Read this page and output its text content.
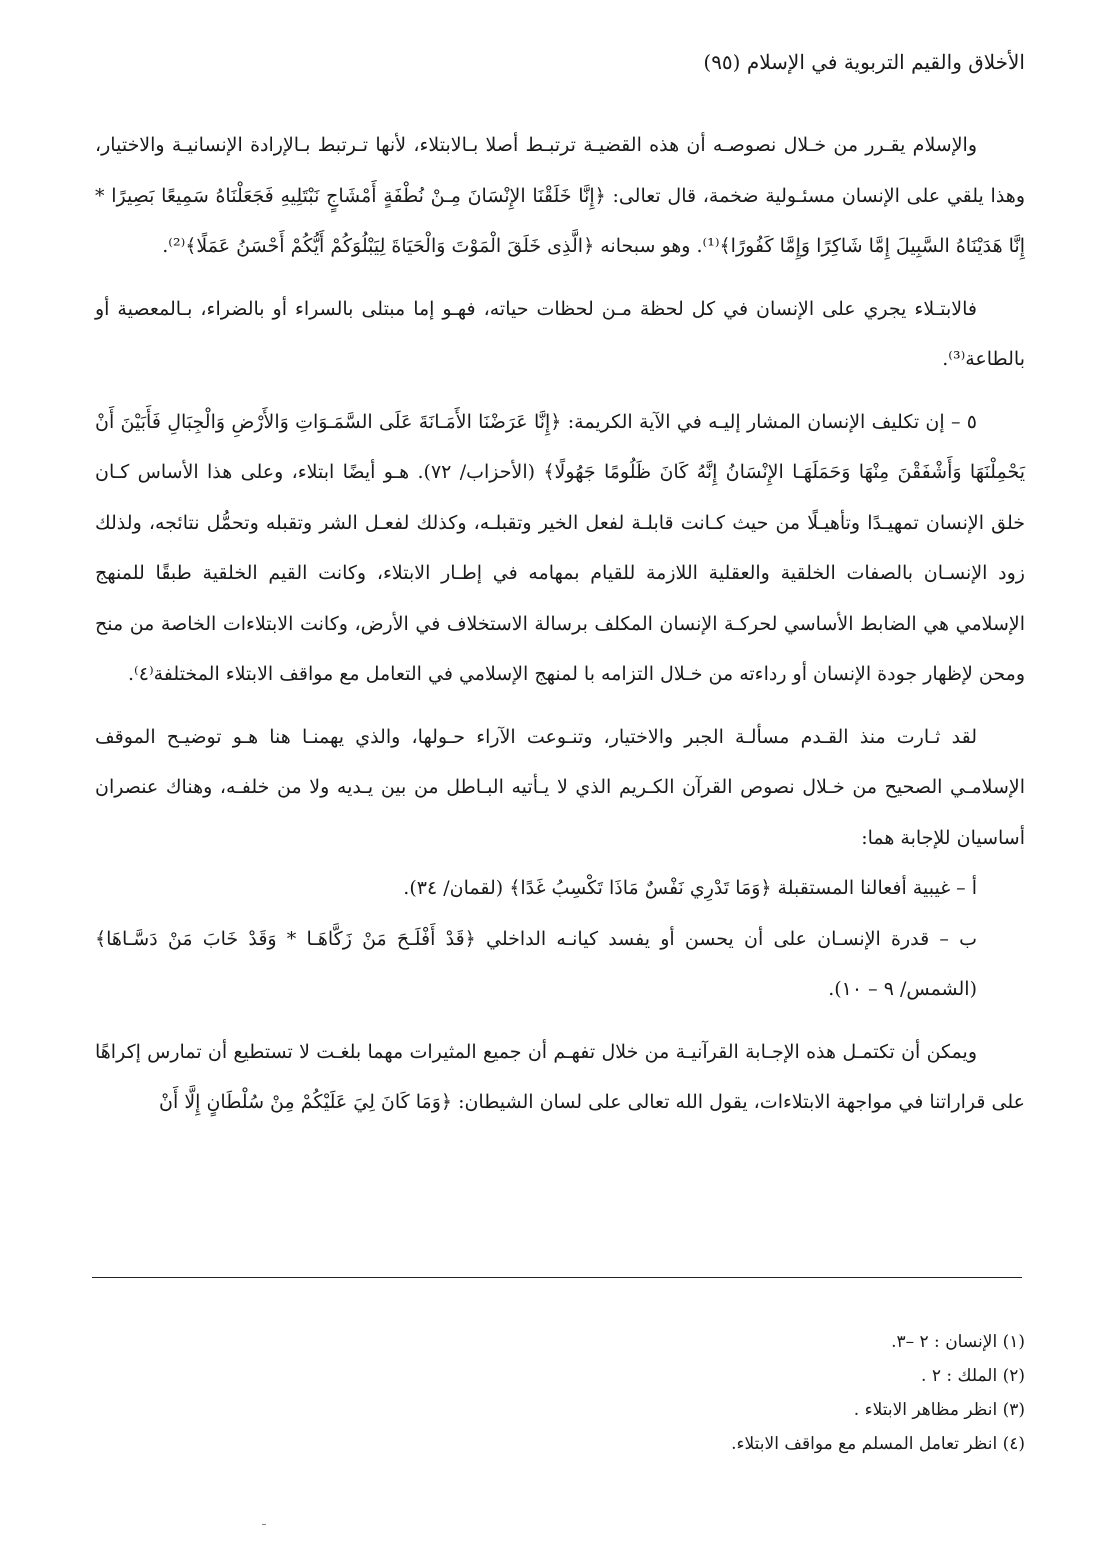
الأخلاق والقيم التربوية في الإسلام (٩٥)

والإسلام يقـرر من خـلال نصوصـه أن هذه القضيـة ترتبـط أصلا بـالابتلاء، لأنها تـرتبط بـالإرادة الإنسانيـة والاختيار، وهذا يلقي على الإنسان مسئـولية ضخمة، قال تعالى: ﴿إِنَّا خَلَقْنَا الإِنْسَانَ مِـنْ نُطْفَةٍ أَمْشَاجٍ نَبْتَلِيهِ فَجَعَلْنَاهُ سَمِيعًا بَصِيرًا * إِنَّا هَدَيْنَاهُ السَّبِيلَ إِمَّا شَاكِرًا وَإِمَّا كَفُورًا﴾⁽¹⁾. وهو سبحانه ﴿الَّذِى خَلَقَ الْمَوْتَ وَالْحَيَاةَ لِيَبْلُوَكُمْ أَيُّكُمْ أَحْسَنُ عَمَلًا﴾⁽²⁾.

فالابتـلاء يجري على الإنسان في كل لحظة مـن لحظات حياته، فهـو إما مبتلى بالسراء أو بالضراء، بـالمعصية أو بالطاعة⁽³⁾.

٥ – إن تكليف الإنسان المشار إليـه في الآية الكريمة: ﴿إِنَّا عَرَضْنَا الأَمَـانَةَ عَلَى السَّمَـوَاتِ وَالأَرْضِ وَالْجِبَالِ فَأَبَيْنَ أَنْ يَحْمِلْنَهَا وَأَشْفَقْنَ مِنْهَا وَحَمَلَهَـا الإِنْسَانُ إِنَّهُ كَانَ ظَلُومًا جَهُولًا﴾ (الأحزاب/ ٧٢). هـو أيضًا ابتلاء، وعلى هذا الأساس كـان خلق الإنسان تمهيـدًا وتأهيـلًا من حيث كـانت قابلـة لفعل الخير وتقبلـه، وكذلك لفعـل الشر وتقبله وتحمُّل نتائجه، ولذلك زود الإنسـان بالصفات الخلقية والعقلية اللازمة للقيام بمهامه في إطـار الابتلاء، وكانت القيم الخلقية طبقًا للمنهج الإسلامي هي الضابط الأساسي لحركـة الإنسان المكلف برسالة الاستخلاف في الأرض، وكانت الابتلاءات الخاصة من منح ومحن لإظهار جودة الإنسان أو رداءته من خـلال التزامه با لمنهج الإسلامي في التعامل مع مواقف الابتلاء المختلفة⁽٤⁾.

لقد ثـارت منذ القـدم مسألـة الجبر والاختيار، وتنـوعت الآراء حـولها، والذي يهمنـا هنا هـو توضيـح الموقف الإسلامـي الصحيح من خـلال نصوص القرآن الكـريم الذي لا يـأتيه البـاطل من بين يـديه ولا من خلفـه، وهناك عنصران أساسيان للإجابة هما:

أ – غيبية أفعالنا المستقبلة ﴿وَمَا تَدْرِي نَفْسٌ مَاذَا تَكْسِبُ غَدًا﴾ (لقمان/ ٣٤).

ب – قدرة الإنسـان على أن يحسن أو يفسد كيانـه الداخلي ﴿قَدْ أَفْلَـحَ مَنْ زَكَّاهَـا * وَقَدْ خَابَ مَنْ دَسَّـاهَا﴾ (الشمس/ ٩ – ١٠).

ويمكن أن تكتمـل هذه الإجـابة القرآنيـة من خلال تفهـم أن جميع المثيرات مهما بلغـت لا تستطيع أن تمارس إكراهًا على قراراتنا في مواجهة الابتلاءات، يقول الله تعالى على لسان الشيطان: ﴿وَمَا كَانَ لِيَ عَلَيْكُمْ مِنْ سُلْطَانٍ إِلَّا أَنْ

(١) الإنسان : ٢ –٣.
(٢) الملك : ٢ .
(٣) انظر مظاهر الابتلاء .
(٤) انظر تعامل المسلم مع مواقف الابتلاء.
